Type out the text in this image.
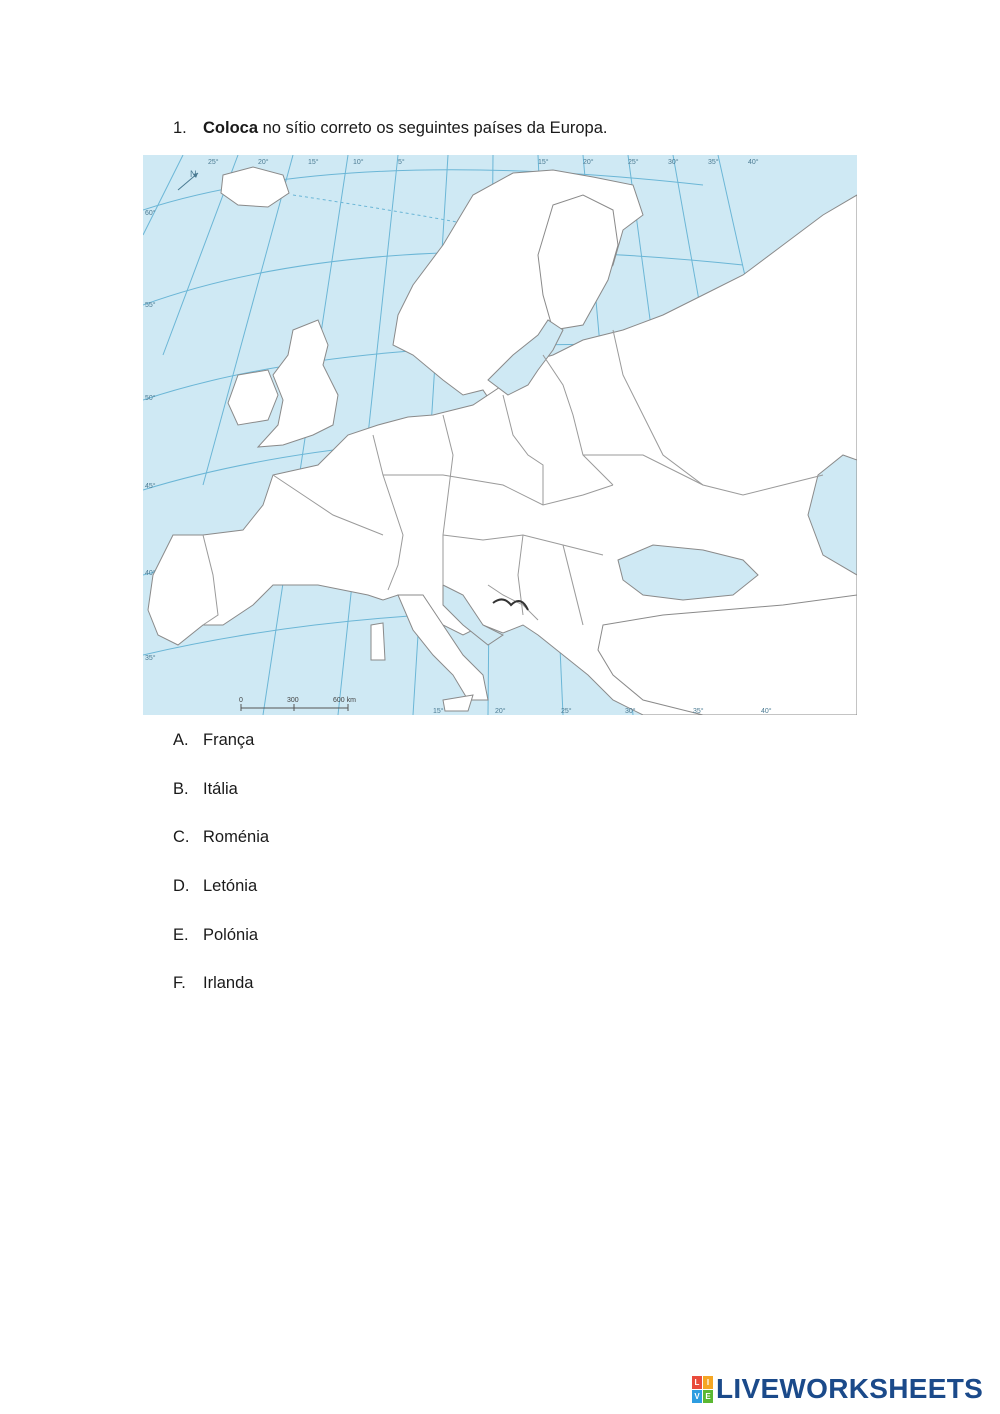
1. Coloca no sítio correto os seguintes países da Europa.
60°
55°
50°
45°
40°
35°
25°	20°	15°	10°	5°	15°	20°	25°	30°	35°	40°
15°	20°	25°	30°	35°	40°
N
0	300	600 km
A. França
B. Itália
C. Roménia
D. Letónia
E. Polónia
F. Irlanda
L I
V E LIVEWORKSHEETS
